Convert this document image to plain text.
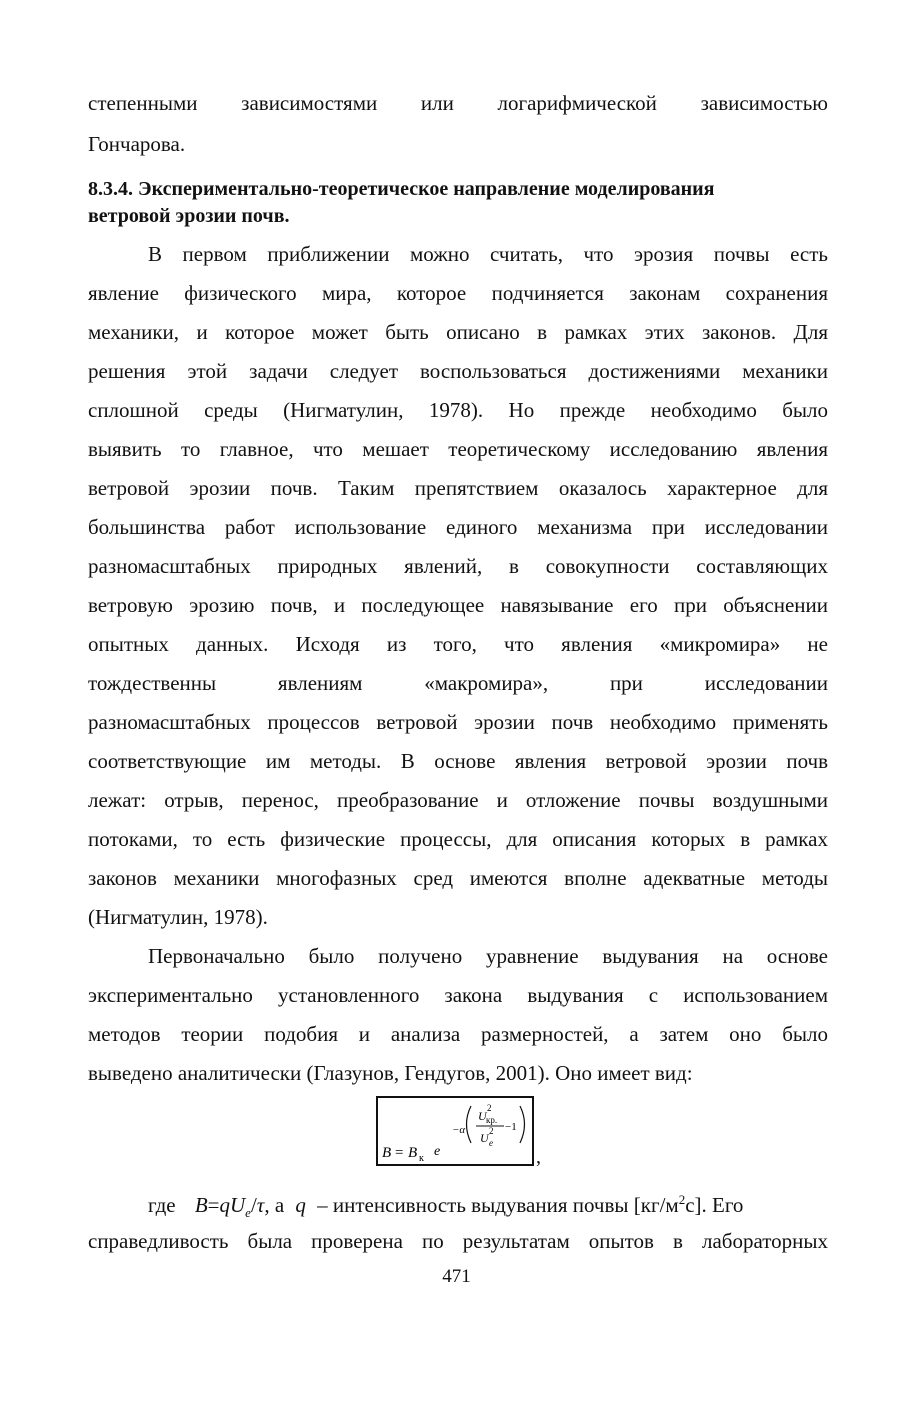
степенными зависимостями или логарифмической зависимостью
Гончарова.
8.3.4. Экспериментально-теоретическое направление моделирования
ветровой эрозии почв.
В первом приближении можно считать, что эрозия почвы есть
явление физического мира, которое подчиняется законам сохранения
механики, и которое может быть описано в рамках этих законов. Для
решения этой задачи следует воспользоваться достижениями механики
сплошной среды (Нигматулин, 1978). Но прежде необходимо было
выявить то главное, что мешает теоретическому исследованию явления
ветровой эрозии почв. Таким препятствием оказалось характерное для
большинства работ использование единого механизма при исследовании
разномасштабных природных явлений, в совокупности составляющих
ветровую эрозию почв, и последующее навязывание его при объяснении
опытных данных. Исходя из того, что явления «микромира» не
тождественны явлениям «макромира», при исследовании
разномасштабных процессов ветровой эрозии почв необходимо применять
соответствующие им методы. В основе явления ветровой эрозии почв
лежат: отрыв, перенос, преобразование и отложение почвы воздушными
потоками, то есть физические процессы, для описания которых в рамках
законов механики многофазных сред имеются вполне адекватные методы
(Нигматулин, 1978).
Первоначально было получено уравнение выдувания на основе
экспериментально установленного закона выдувания с использованием
методов теории подобия и анализа размерностей, а затем оно было
выведено аналитически (Глазунов, Гендугов, 2001). Оно имеет вид:
B = B к e
−α
U
2
кр.
U 2
e
−1
,
где $B=qU_e/\tau$, а q – интенсивность выдувания почвы $[кг/м^2с]$. Его
справедливость была проверена по результатам опытов в лабораторных
471
